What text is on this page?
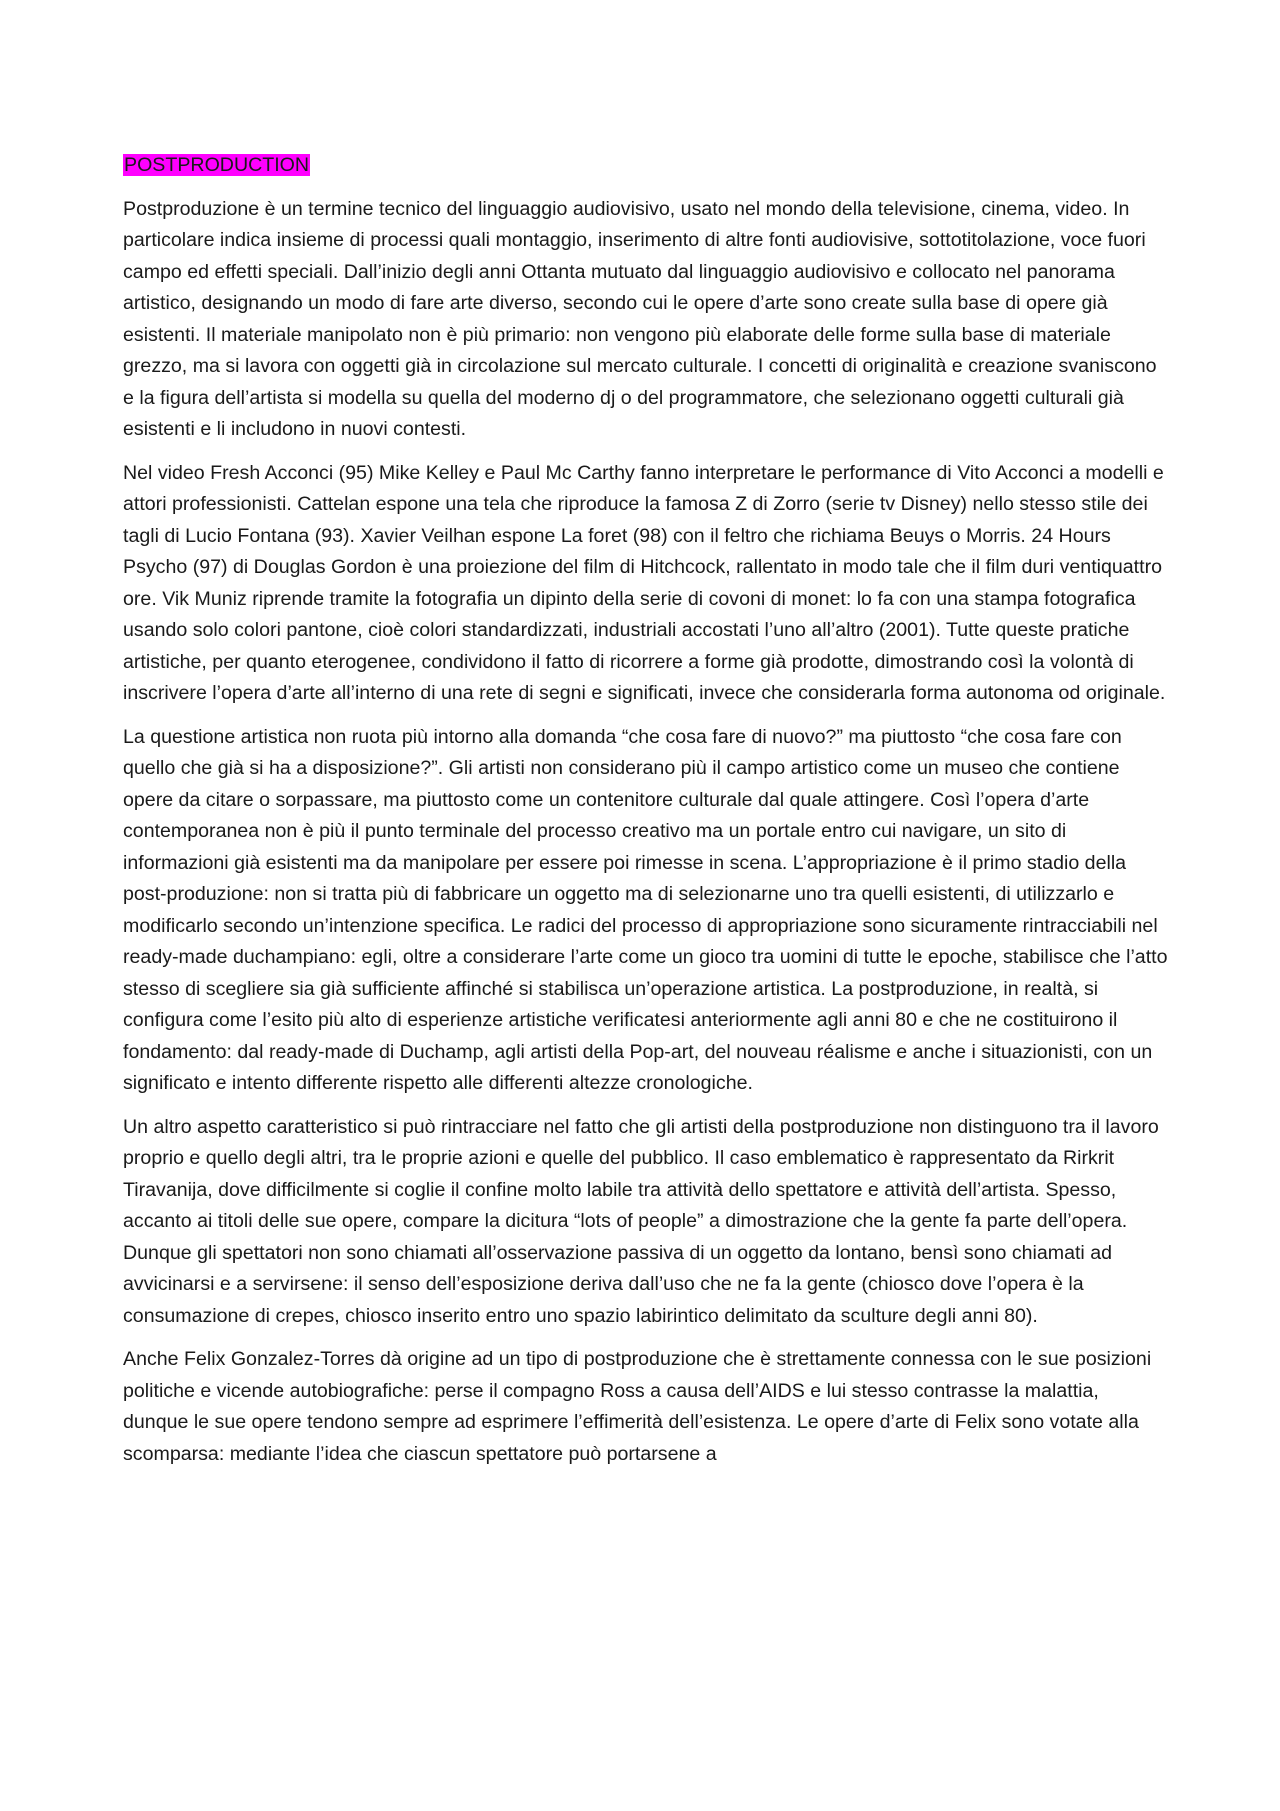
POSTPRODUCTION

Postproduzione è un termine tecnico del linguaggio audiovisivo, usato nel mondo della televisione, cinema, video. In particolare indica insieme di processi quali montaggio, inserimento di altre fonti audiovisive, sottotitolazione, voce fuori campo ed effetti speciali. Dall’inizio degli anni Ottanta mutuato dal linguaggio audiovisivo e collocato nel panorama artistico, designando un modo di fare arte diverso, secondo cui le opere d’arte sono create sulla base di opere già esistenti. Il materiale manipolato non è più primario: non vengono più elaborate delle forme sulla base di materiale grezzo, ma si lavora con oggetti già in circolazione sul mercato culturale. I concetti di originalità e creazione svaniscono e la figura dell’artista si modella su quella del moderno dj o del programmatore, che selezionano oggetti culturali già esistenti e li includono in nuovi contesti.

Nel video Fresh Acconci (95) Mike Kelley e Paul Mc Carthy fanno interpretare le performance di Vito Acconci a modelli e attori professionisti. Cattelan espone una tela che riproduce la famosa Z di Zorro (serie tv Disney) nello stesso stile dei tagli di Lucio Fontana (93). Xavier Veilhan espone La foret (98) con il feltro che richiama Beuys o Morris. 24 Hours Psycho (97) di Douglas Gordon è una proiezione del film di Hitchcock, rallentato in modo tale che il film duri ventiquattro ore. Vik Muniz riprende tramite la fotografia un dipinto della serie di covoni di monet: lo fa con una stampa fotografica usando solo colori pantone, cioè colori standardizzati, industriali accostati l’uno all’altro (2001). Tutte queste pratiche artistiche, per quanto eterogenee, condividono il fatto di ricorrere a forme già prodotte, dimostrando così la volontà di inscrivere l’opera d’arte all’interno di una rete di segni e significati, invece che considerarla forma autonoma od originale.

La questione artistica non ruota più intorno alla domanda “che cosa fare di nuovo?” ma piuttosto “che cosa fare con quello che già si ha a disposizione?”. Gli artisti non considerano più il campo artistico come un museo che contiene opere da citare o sorpassare, ma piuttosto come un contenitore culturale dal quale attingere. Così l’opera d’arte contemporanea non è più il punto terminale del processo creativo ma un portale entro cui navigare, un sito di informazioni già esistenti ma da manipolare per essere poi rimesse in scena. L’appropriazione è il primo stadio della post-produzione: non si tratta più di fabbricare un oggetto ma di selezionarne uno tra quelli esistenti, di utilizzarlo e modificarlo secondo un’intenzione specifica. Le radici del processo di appropriazione sono sicuramente rintracciabili nel ready-made duchampiano: egli, oltre a considerare l’arte come un gioco tra uomini di tutte le epoche, stabilisce che l’atto stesso di scegliere sia già sufficiente affinché si stabilisca un’operazione artistica. La postproduzione, in realtà, si configura come l’esito più alto di esperienze artistiche verificatesi anteriormente agli anni 80 e che ne costituirono il fondamento: dal ready-made di Duchamp, agli artisti della Pop-art, del nouveau réalisme e anche i situazionisti, con un significato e intento differente rispetto alle differenti altezze cronologiche.

Un altro aspetto caratteristico si può rintracciare nel fatto che gli artisti della postproduzione non distinguono tra il lavoro proprio e quello degli altri, tra le proprie azioni e quelle del pubblico. Il caso emblematico è rappresentato da Rirkrit Tiravanija, dove difficilmente si coglie il confine molto labile tra attività dello spettatore e attività dell’artista. Spesso, accanto ai titoli delle sue opere, compare la dicitura “lots of people” a dimostrazione che la gente fa parte dell’opera. Dunque gli spettatori non sono chiamati all’osservazione passiva di un oggetto da lontano, bensì sono chiamati ad avvicinarsi e a servirsene: il senso dell’esposizione deriva dall’uso che ne fa la gente (chiosco dove l’opera è la consumazione di crepes, chiosco inserito entro uno spazio labirintico delimitato da sculture degli anni 80).

Anche Felix Gonzalez-Torres dà origine ad un tipo di postproduzione che è strettamente connessa con le sue posizioni politiche e vicende autobiografiche: perse il compagno Ross a causa dell’AIDS e lui stesso contrasse la malattia, dunque le sue opere tendono sempre ad esprimere l’effimerità dell’esistenza. Le opere d’arte di Felix sono votate alla scomparsa: mediante l’idea che ciascun spettatore può portarsene a
